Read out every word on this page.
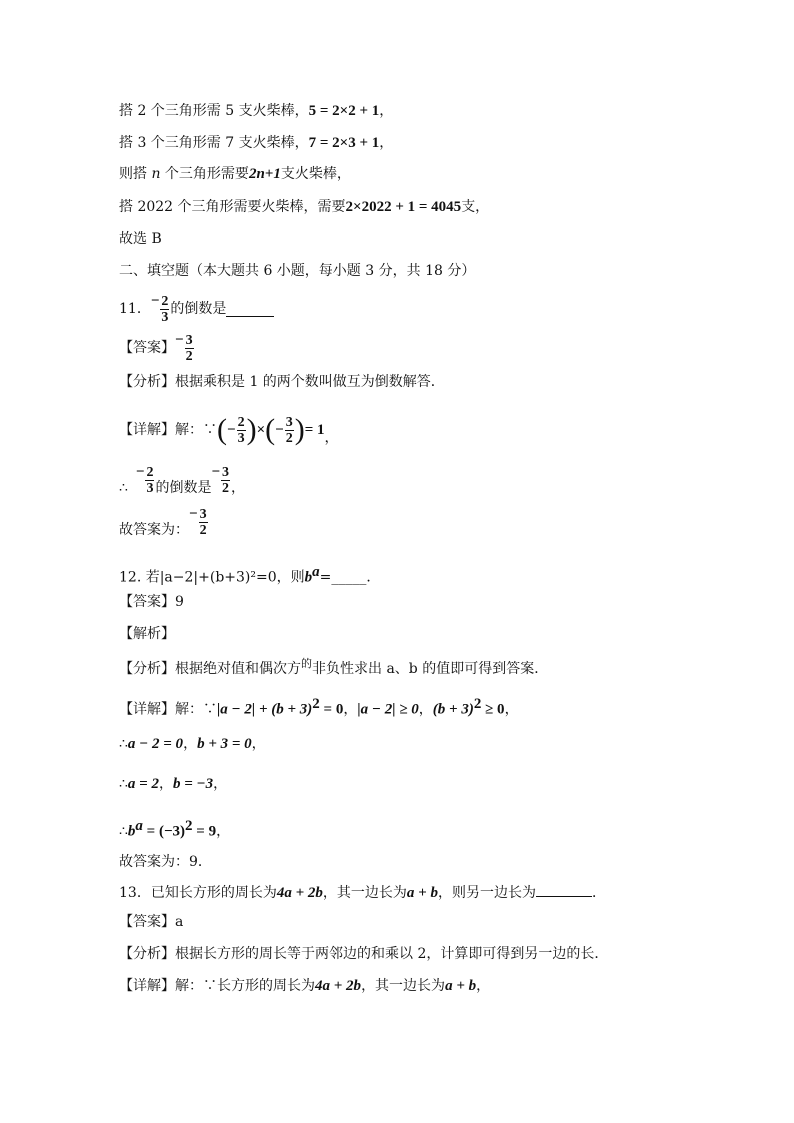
搭 2 个三角形需 5 支火柴棒，5 = 2×2 + 1，
搭 3 个三角形需 7 支火柴棒，7 = 2×3 + 1，
则搭 n 个三角形需要2n+1支火柴棒，
搭 2022 个三角形需要火柴棒，需要2×2022 + 1 = 4045支，
故选 B
二、填空题（本大题共 6 小题，每小题 3 分，共 18 分）
11． − $\frac{2}{3}$ 的倒数是
【答案】 − $\frac{3}{2}$
【分析】根据乘积是 1 的两个数叫做互为倒数解答．
【详解】 解：∵ ( − $\frac{2}{3}$ ) × ( − $\frac{3}{2}$ ) = 1 ，
∴
− $\frac{2}{3}$ 的倒数是
− $\frac{3}{2}$ ，
故答案为：
− $\frac{3}{2}$
12. 若|a−2|+(b+3)²=0，则$b^a=\_\_\_\_\_$．
【答案】9
【解析】
【分析】根据绝对值和偶次方$^的$非负性求出 a、b 的值即可得到答案．
【详解】解：∵|a − $2| + (b + 3)^2 = 0$，|a − 2| ≥ 0，$(b + 3)^2 \ge 0$，
∴a − 2 = 0，b + 3 = 0，
∴a = 2，b = −3，
$\therefore b^a = (-3)^2 = 9$，
故答案为：9．
13．已知长方形的周长为4a + 2b，其一边长为a + b，则另一边长为	．
【答案】a
【分析】根据长方形的周长等于两邻边的和乘以 2，计算即可得到另一边的长．
【详解】解：∵长方形的周长为4a + 2b，其一边长为a + b，
